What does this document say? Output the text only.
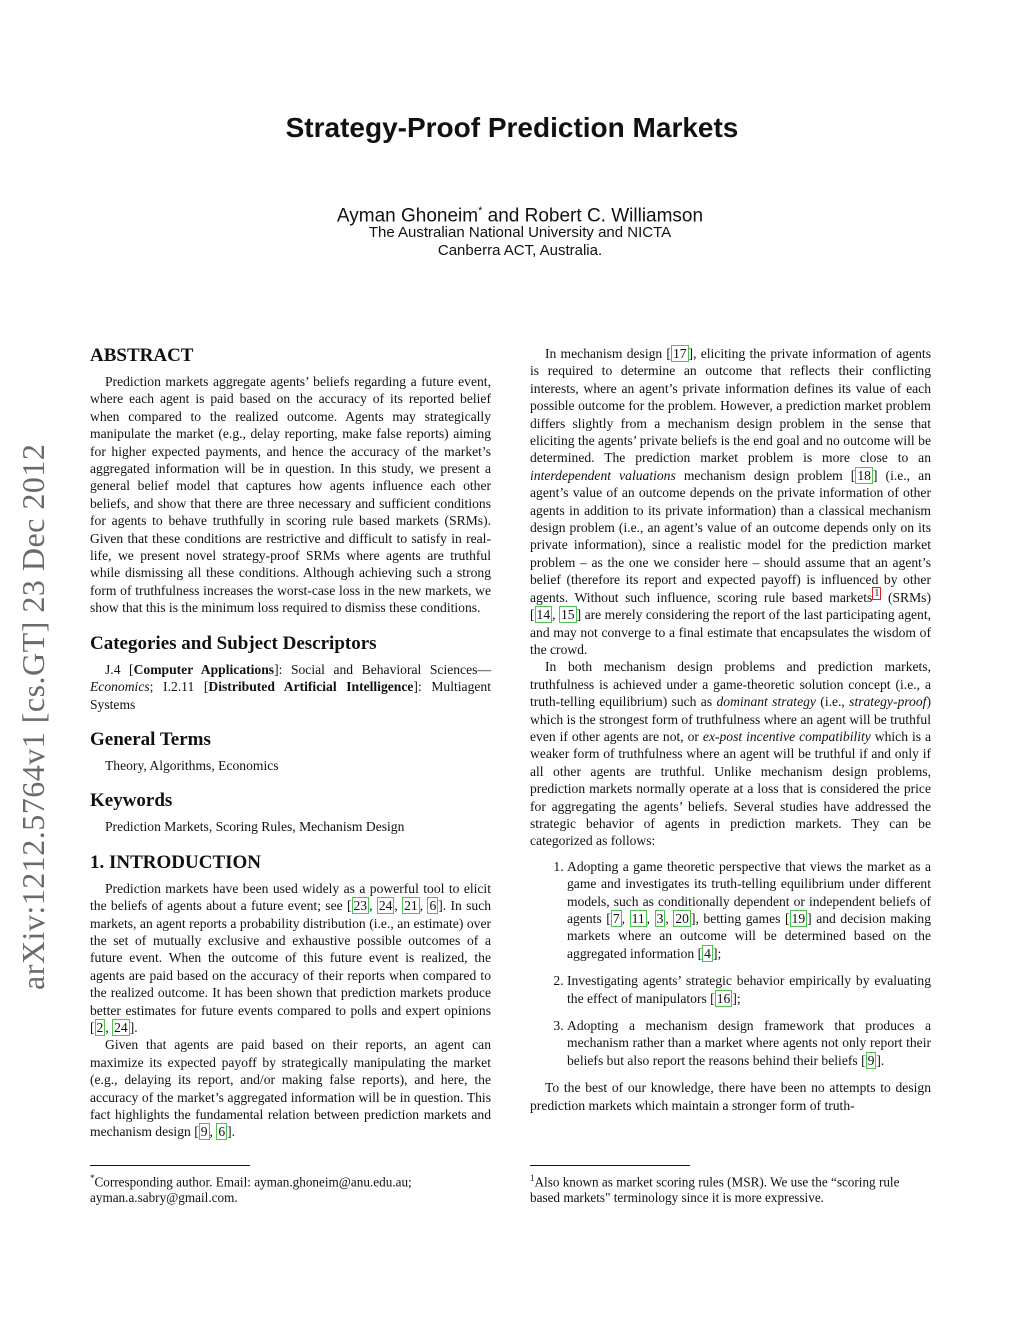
Strategy-Proof Prediction Markets
Ayman Ghoneim* and Robert C. Williamson
The Australian National University and NICTA
Canberra ACT, Australia.
arXiv:1212.5764v1 [cs.GT] 23 Dec 2012
ABSTRACT

Prediction markets aggregate agents’ beliefs regarding a future event, where each agent is paid based on the accuracy of its reported belief when compared to the realized outcome. Agents may strategically manipulate the market (e.g., delay reporting, make false reports) aiming for higher expected payments, and hence the accuracy of the market’s aggregated information will be in question. In this study, we present a general belief model that captures how agents influence each other beliefs, and show that there are three necessary and sufficient conditions for agents to behave truthfully in scoring rule based markets (SRMs). Given that these conditions are restrictive and difficult to satisfy in real-life, we present novel strategy-proof SRMs where agents are truthful while dismissing all these conditions. Although achieving such a strong form of truthfulness increases the worst-case loss in the new markets, we show that this is the minimum loss required to dismiss these conditions.

Categories and Subject Descriptors

J.4 [Computer Applications]: Social and Behavioral Sciences—Economics; I.2.11 [Distributed Artificial Intelligence]: Multiagent Systems

General Terms

Theory, Algorithms, Economics

Keywords

Prediction Markets, Scoring Rules, Mechanism Design

1. INTRODUCTION

Prediction markets have been used widely as a powerful tool to elicit the beliefs of agents about a future event; see [ 23 , 24 , 21 , 6 ]. In such markets, an agent reports a probability distribution (i.e., an estimate) over the set of mutually exclusive and exhaustive possible outcomes of a future event. When the outcome of this future event is realized, the agents are paid based on the accuracy of their reports when compared to the realized outcome. It has been shown that prediction markets produce better estimates for future events compared to polls and expert opinions [ 2 , 24 ].

Given that agents are paid based on their reports, an agent can maximize its expected payoff by strategically manipulating the market (e.g., delaying its report, and/or making false reports), and here, the accuracy of the market’s aggregated information will be in question. This fact highlights the fundamental relation between prediction markets and mechanism design [ 9 , 6 ].

In mechanism design [ 17 ], eliciting the private information of agents is required to determine an outcome that reflects their conflicting interests, where an agent’s private information defines its value of each possible outcome for the problem. However, a prediction market problem differs slightly from a mechanism design problem in the sense that eliciting the agents’ private beliefs is the end goal and no outcome will be determined. The prediction market problem is more close to an interdependent valuations mechanism design problem [ 18 ] (i.e., an agent’s value of an outcome depends on the private information of other agents in addition to its private information) than a classical mechanism design problem (i.e., an agent’s value of an outcome depends only on its private information), since a realistic model for the prediction market problem – as the one we consider here – should assume that an agent’s belief (therefore its report and expected payoff) is influenced by other agents. Without such influence, scoring rule based markets $^1$ (SRMs) [ 14 , 15 ] are merely considering the report of the last participating agent, and may not converge to a final estimate that encapsulates the wisdom of the crowd.

In both mechanism design problems and prediction markets, truthfulness is achieved under a game-theoretic solution concept (i.e., a truth-telling equilibrium) such as dominant strategy (i.e., strategy-proof) which is the strongest form of truthfulness where an agent will be truthful even if other agents are not, or ex-post incentive compatibility which is a weaker form of truthfulness where an agent will be truthful if and only if all other agents are truthful. Unlike mechanism design problems, prediction markets normally operate at a loss that is considered the price for aggregating the agents’ beliefs. Several studies have addressed the strategic behavior of agents in prediction markets. They can be categorized as follows:

1. Adopting a game theoretic perspective that views the market as a game and investigates its truth-telling equilibrium under different models, such as conditionally dependent or independent beliefs of agents [ 7 , 11 , 3 , 20 ], betting games [ 19 ] and decision making markets where an outcome will be determined based on the aggregated information [ 4 ];
2. Investigating agents’ strategic behavior empirically by evaluating the effect of manipulators [ 16 ];
3. Adopting a mechanism design framework that produces a mechanism rather than a market where agents not only report their beliefs but also report the reasons behind their beliefs [ 9 ].

To the best of our knowledge, there have been no attempts to design prediction markets which maintain a stronger form of truth-

*Corresponding author. Email: ayman.ghoneim@anu.edu.au; ayman.a.sabry@gmail.com.
$^1$Also known as market scoring rules (MSR). We use the “scoring rule based markets" terminology since it is more expressive.
